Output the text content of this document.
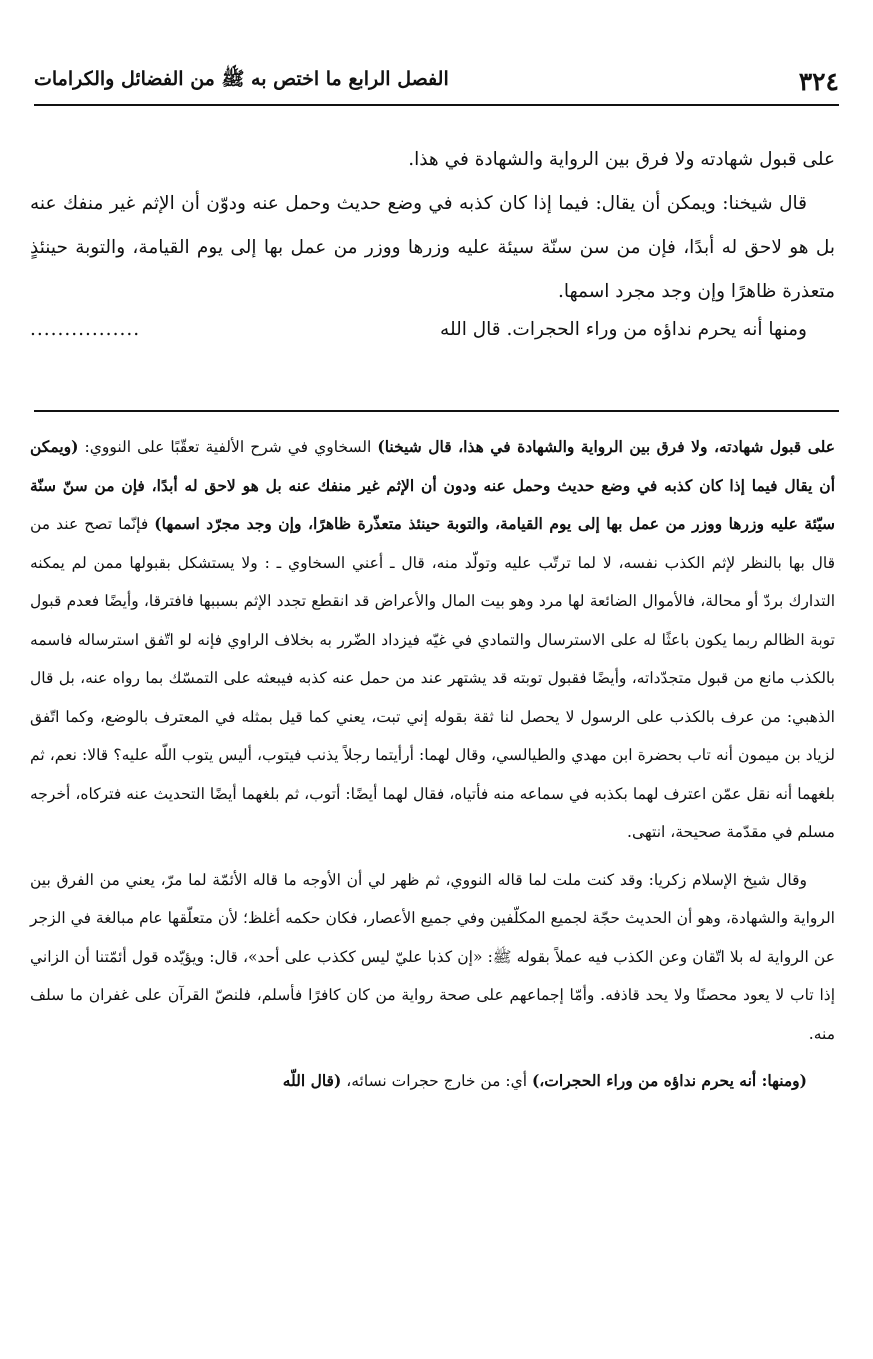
٣٢٤
الفصل الرابع ما اختص به ﷺ من الفضائل والكرامات

على قبول شهادته ولا فرق بين الرواية والشهادة في هذا.

قال شيخنا: ويمكن أن يقال: فيما إذا كان كذبه في وضع حديث وحمل عنه ودوّن أن الإثم غير منفك عنه بل هو لاحق له أبدًا، فإن من سن سنّة سيئة عليه وزرها ووزر من عمل بها إلى يوم القيامة، والتوبة حينئذٍ متعذرة ظاهرًا وإن وجد مجرد اسمها.

ومنها أنه يحرم نداؤه من وراء الحجرات. قال الله
................

على قبول شهادته، ولا فرق بين الرواية والشهادة في هذا، قال شيخنا) السخاوي في شرح الألفية تعقّبًا على النووي: (ويمكن أن يقال فيما إذا كان كذبه في وضع حديث وحمل عنه ودون أن الإثم غير منفك عنه بل هو لاحق له أبدًا، فإن من سنّ سنّة سيّئة عليه وزرها ووزر من عمل بها إلى يوم القيامة، والتوبة حينئذ متعذّرة ظاهرًا، وإن وجد مجرّد اسمها) فإنّما تصح عند من قال بها بالنظر لإثم الكذب نفسه، لا لما ترتّب عليه وتولّد منه، قال ـ أعني السخاوي ـ : ولا يستشكل بقبولها ممن لم يمكنه التدارك بردّ أو محالة، فالأموال الضائعة لها مرد وهو بيت المال والأعراض قد انقطع تجدد الإثم بسببها فافترقا، وأيضًا فعدم قبول توبة الظالم ربما يكون باعثًا له على الاسترسال والتمادي في غيّه فيزداد الضّرر به بخلاف الراوي فإنه لو اتّفق استرساله فاسمه بالكذب مانع من قبول متجدّداته، وأيضًا فقبول توبته قد يشتهر عند من حمل عنه كذبه فيبعثه على التمسّك بما رواه عنه، بل قال الذهبي: من عرف بالكذب على الرسول لا يحصل لنا ثقة بقوله إني تبت، يعني كما قيل بمثله في المعترف بالوضع، وكما اتّفق لزياد بن ميمون أنه تاب بحضرة ابن مهدي والطيالسي، وقال لهما: أرأيتما رجلاً يذنب فيتوب، أليس يتوب اللّه عليه؟ قالا: نعم، ثم بلغهما أنه نقل عمّن اعترف لهما بكذبه في سماعه منه فأتياه، فقال لهما أيضًا: أتوب، ثم بلغهما أيضًا التحديث عنه فتركاه، أخرجه مسلم في مقدّمة صحيحة، انتهى.

وقال شيخ الإسلام زكريا: وقد كنت ملت لما قاله النووي، ثم ظهر لي أن الأوجه ما قاله الأئمّة لما مرّ، يعني من الفرق بين الرواية والشهادة، وهو أن الحديث حجّة لجميع المكلّفين وفي جميع الأعصار، فكان حكمه أغلظ؛ لأن متعلّقها عام مبالغة في الزجر عن الرواية له بلا اتّقان وعن الكذب فيه عملاً بقوله ﷺ: «إن كذبا عليّ ليس ككذب على أحد»، قال: ويؤيّده قول أئمّتنا أن الزاني إذا تاب لا يعود محصنًا ولا يحد قاذفه. وأمّا إجماعهم على صحة رواية من كان كافرًا فأسلم، فلنصّ القرآن على غفران ما سلف منه.

(ومنها: أنه يحرم نداؤه من وراء الحجرات،) أي: من خارج حجرات نسائه، (قال اللّه
